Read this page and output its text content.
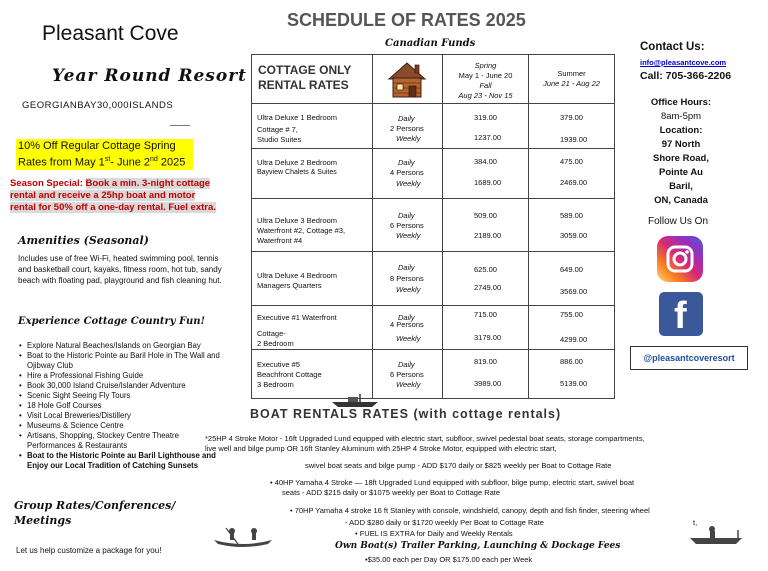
Pleasant Cove
Year Round Resort
GEORGIANBAY30,000ISLANDS
10% Off Regular Cottage Spring
Rates from May 1st- June 2nd 2025
Season Special: Book a min. 3-night cottage rental and receive a 25hp boat and motor rental for 50% off a one-day rental. Fuel extra.
Amenities (Seasonal)
Includes use of free Wi-Fi, heated swimming pool, tennis and basketball court, kayaks, fitness room, hot tub, sandy beach with floating pad, playground and fish cleaning hut.
Experience Cottage Country Fun!
• Explore Natural Beaches/Islands on Georgian Bay
• Boat to the Historic Pointe au Baril Hole in The Wall and Ojibway Club
• Hire a Professional Fishing Guide
• Book 30,000 Island Cruise/Islander Adventure
• Scenic Sight Seeing Fly Tours
• 18 Hole Golf Courses
• Visit Local Breweries/Distillery
• Museums & Science Centre
• Artisans, Shopping, Stockey Centre Theatre Performances & Restaurants
• Boat to the Historic Pointe au Baril Lighthouse and Enjoy our Local Tradition of Catching Sunsets
Group Rates/Conferences/ Meetings
Let us help customize a package for you!
SCHEDULE OF RATES 2025
Canadian Funds
COTTAGE ONLY
RENTAL RATES
Spring
May 1 - June 20
Fall
Aug 23 - Nov 15
Summer
June 21 - Aug 22
Ultra Deluxe 1 Bedroom
Cottage # 7,
Studio Suites
Daily
2 Persons
Weekly
319.00
1237.00
379.00
1939.00
Ultra Deluxe 2 Bedroom
Bayview Chalets & Suites
Daily
4 Persons
Weekly
384.00
1689.00
475.00
2469.00
Ultra Deluxe 3 Bedroom
Waterfront #2, Cottage #3,
Waterfront #4
Daily
6 Persons
Weekly
509.00
2189.00
589.00
3059.00
Ultra Deluxe 4 Bedroom
Managers Quarters
Daily
8 Persons
Weekly
625.00
2749.00
649.00
3569.00
Executive #1 Waterfront
Cottage-
2 Bedroom
Daily
4 Persons
Weekly
715.00
3179.00
755.00
4299.00
Executive #5
Beachfront Cottage
3 Bedroom
Daily
6 Persons
Weekly
819.00
3989.00
886.00
5139.00
Contact Us:
info@pleasantcove.com
Call: 705-366-2206
Office Hours:
8am-5pm
Location:
97 North
Shore Road,
Pointe Au Baril,
ON, Canada
Follow Us On
f
@pleasantcoveresort
BOAT RENTALS RATES (with cottage rentals)
*25HP 4 Stroke Motor - 16ft Upgraded Lund equipped with electric start, subfloor, swivel pedestal boat seats, storage compartments,
live well and bilge pump OR 16ft Stanley Aluminum with 25HP 4 Stroke Motor, equipped with electric start,
swivel boat seats and bilge pump - ADD $170 daily or $825 weekly per Boat to Cottage Rate
• 40HP Yamaha 4 Stroke — 18ft Upgraded Lund equipped with subfloor, bilge pump, electric start, swivel boat
seats - ADD $215 daily or $1075 weekly per Boat to Cottage Rate
• 70HP Yamaha 4 stroke 16 ft Stanley with console, windshield, canopy, depth and fish finder, steering wheel
- ADD $280 daily or $1720 weekly Per Boat to Cottage Rate	t,
• FUEL IS EXTRA for Daily and Weekly Rentals
Own Boat(s) Trailer Parking, Launching & Dockage Fees
•$35.00 each per Day OR $175.00 each per Week
